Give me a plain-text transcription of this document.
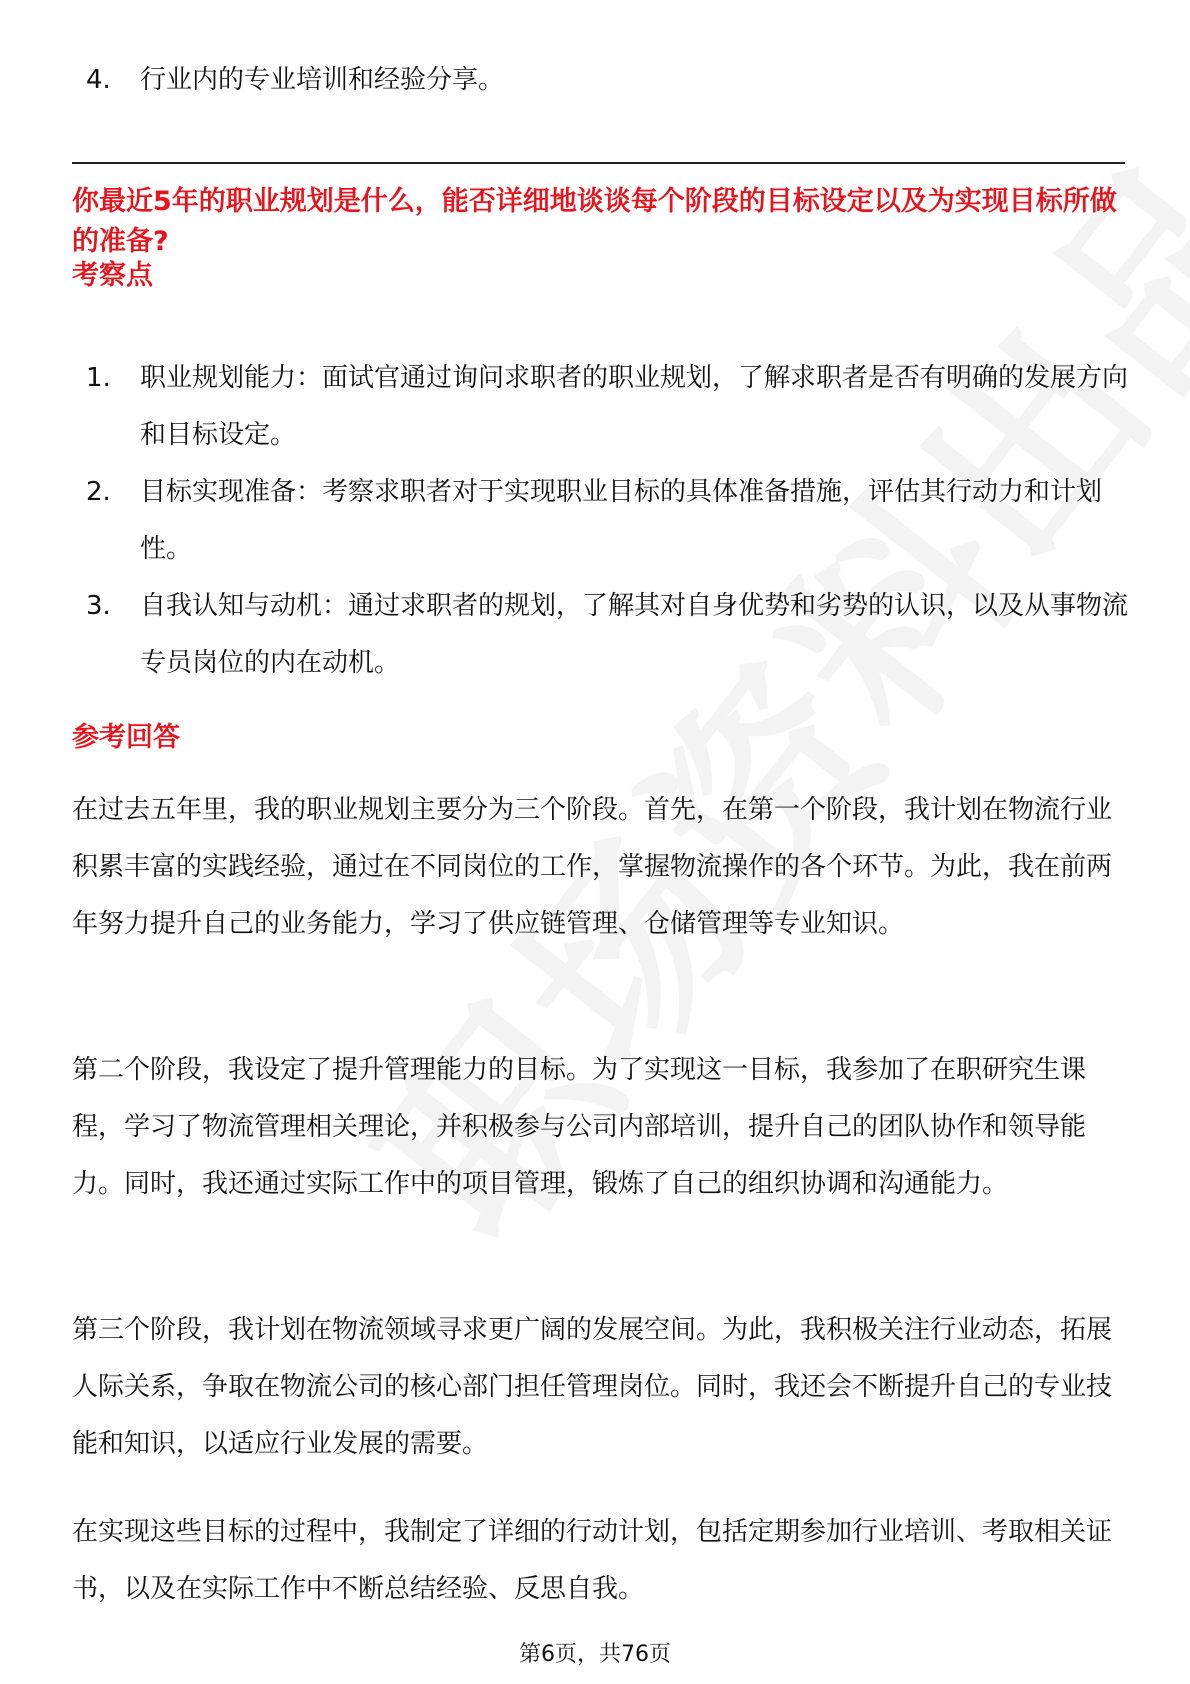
4. 行业内的专业培训和经验分享。
你最近5年的职业规划是什么，能否详细地谈谈每个阶段的目标设定以及为实现目标所做的准备?
考察点
1.	职业规划能力：面试官通过询问求职者的职业规划，了解求职者是否有明确的发展方向和目标设定。
2.	目标实现准备：考察求职者对于实现职业目标的具体准备措施，评估其行动力和计划性。
3.	自我认知与动机：通过求职者的规划，了解其对自身优势和劣势的认识，以及从事物流专员岗位的内在动机。
参考回答

在过去五年里，我的职业规划主要分为三个阶段。首先，在第一个阶段，我计划在物流行业积累丰富的实践经验，通过在不同岗位的工作，掌握物流操作的各个环节。为此，我在前两年努力提升自己的业务能力，学习了供应链管理、仓储管理等专业知识。

第二个阶段，我设定了提升管理能力的目标。为了实现这一目标，我参加了在职研究生课程，学习了物流管理相关理论，并积极参与公司内部培训，提升自己的团队协作和领导能力。同时，我还通过实际工作中的项目管理，锻炼了自己的组织协调和沟通能力。

第三个阶段，我计划在物流领域寻求更广阔的发展空间。为此，我积极关注行业动态，拓展人际关系，争取在物流公司的核心部门担任管理岗位。同时，我还会不断提升自己的专业技能和知识，以适应行业发展的需要。

在实现这些目标的过程中，我制定了详细的行动计划，包括定期参加行业培训、考取相关证书，以及在实际工作中不断总结经验、反思自我。

第6页，共76页
